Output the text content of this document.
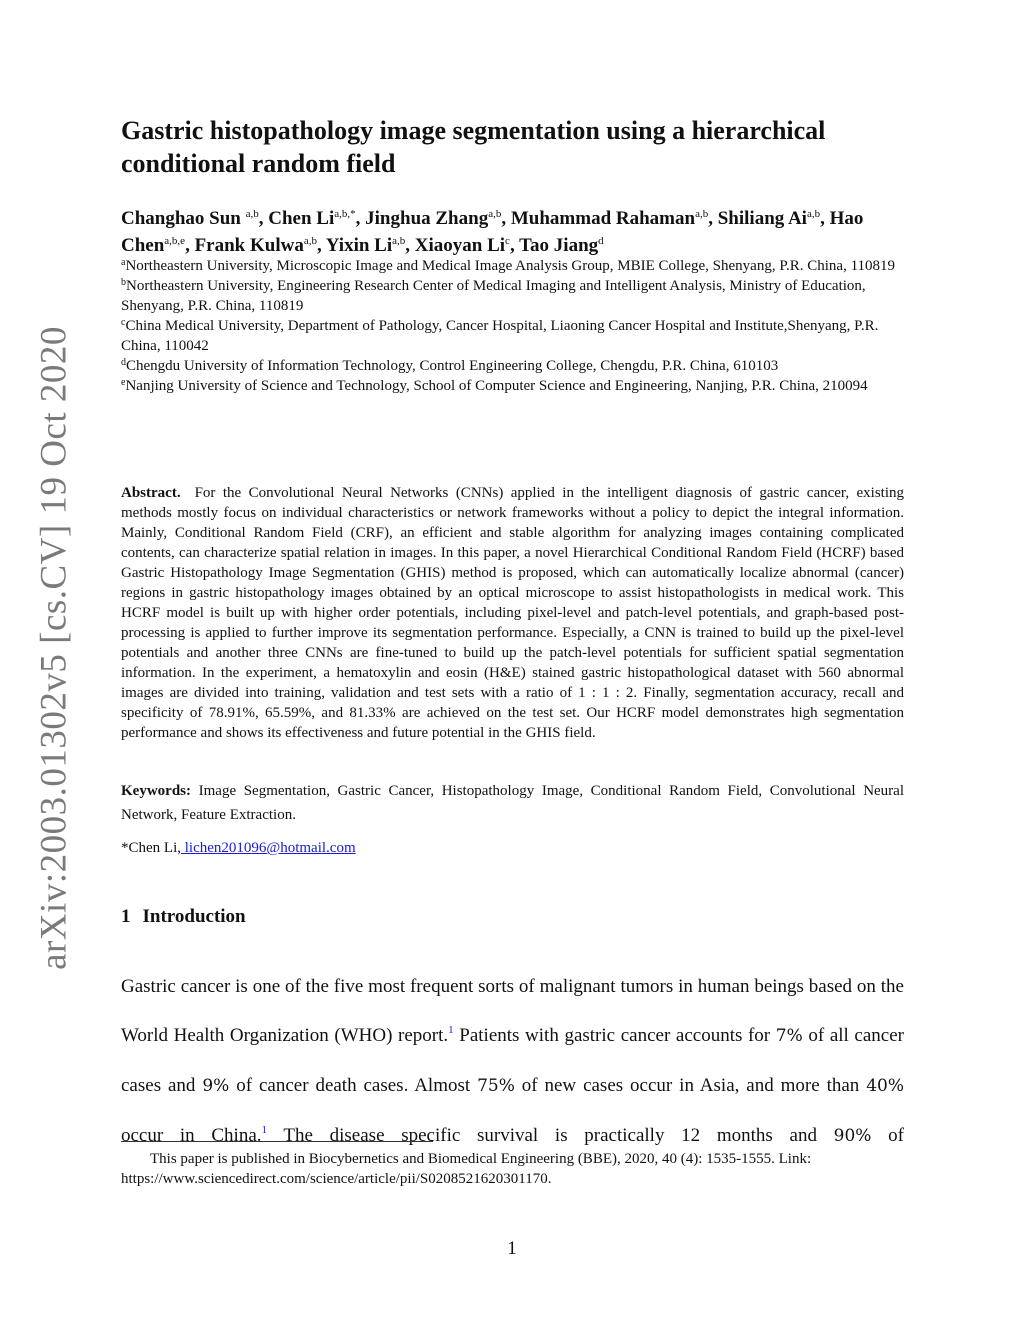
arXiv:2003.01302v5 [cs.CV] 19 Oct 2020
Gastric histopathology image segmentation using a hierarchical conditional random field
Changhao Sun $^{a,b}$, Chen $Li^{a,b,*}$, Jinghua Zhang$^{a,b}$, Muhammad Rahaman$^{a,b}$, Shiliang Ai$^{a,b}$, Hao Chen$^{a,b,e}$, Frank Kulwa$^{a,b}$, Yixin Li$^{a,b}$, Xiaoyan Li$^c$, Tao Jiang$^d$
$^a$Northeastern University, Microscopic Image and Medical Image Analysis Group, MBIE College, Shenyang, P.R. China, 110819
$^b$Northeastern University, Engineering Research Center of Medical Imaging and Intelligent Analysis, Ministry of Education, Shenyang, P.R. China, 110819
$^c$China Medical University, Department of Pathology, Cancer Hospital, Liaoning Cancer Hospital and Institute,Shenyang, P.R. China, 110042
$^d$Chengdu University of Information Technology, Control Engineering College, Chengdu, P.R. China, 610103
$^e$Nanjing University of Science and Technology, School of Computer Science and Engineering, Nanjing, P.R. China, 210094
Abstract. For the Convolutional Neural Networks (CNNs) applied in the intelligent diagnosis of gastric cancer, existing methods mostly focus on individual characteristics or network frameworks without a policy to depict the integral information. Mainly, Conditional Random Field (CRF), an efficient and stable algorithm for analyzing images containing complicated contents, can characterize spatial relation in images. In this paper, a novel Hierarchical Conditional Random Field (HCRF) based Gastric Histopathology Image Segmentation (GHIS) method is proposed, which can automatically localize abnormal (cancer) regions in gastric histopathology images obtained by an optical microscope to assist histopathologists in medical work. This HCRF model is built up with higher order potentials, including pixel-level and patch-level potentials, and graph-based post-processing is applied to further improve its segmentation performance. Especially, a CNN is trained to build up the pixel-level potentials and another three CNNs are fine-tuned to build up the patch-level potentials for sufficient spatial segmentation information. In the experiment, a hematoxylin and eosin (H&E) stained gastric histopathological dataset with 560 abnormal images are divided into training, validation and test sets with a ratio of 1 : 1 : 2. Finally, segmentation accuracy, recall and specificity of 78.91%, 65.59%, and 81.33% are achieved on the test set. Our HCRF model demonstrates high segmentation performance and shows its effectiveness and future potential in the GHIS field.
Keywords: Image Segmentation, Gastric Cancer, Histopathology Image, Conditional Random Field, Convolutional Neural Network, Feature Extraction.
*Chen Li, lichen201096@hotmail.com
1 Introduction
Gastric cancer is one of the five most frequent sorts of malignant tumors in human beings based on the World Health Organization (WHO) report.$^1$ Patients with gastric cancer accounts for 7% of all cancer cases and 9% of cancer death cases. Almost 75% of new cases occur in Asia, and more than 40% occur in China.$^1$ The disease specific survival is practically 12 months and 90% of
This paper is published in Biocybernetics and Biomedical Engineering (BBE), 2020, 40 (4): 1535-1555. Link:
https://www.sciencedirect.com/science/article/pii/S0208521620301170.
1
